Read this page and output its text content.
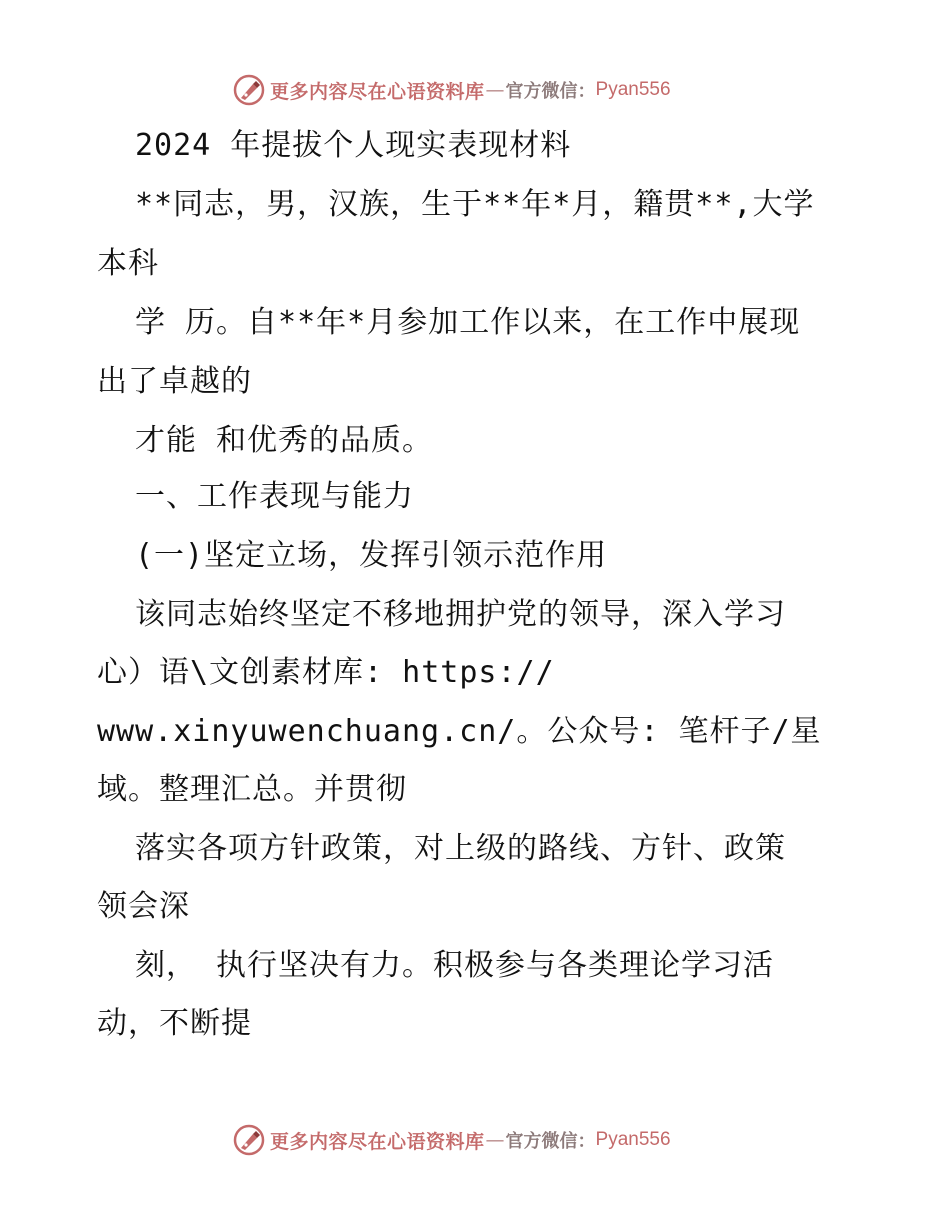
更多内容尽在心语资料库 — 官方微信： Pyan556
2024 年提拔个人现实表现材料
**同志，男，汉族，生于**年*月，籍贯**,大学
本科
学 历。自**年*月参加工作以来，在工作中展现
出了卓越的
才能 和优秀的品质。
一、工作表现与能力
(一)坚定立场，发挥引领示范作用
该同志始终坚定不移地拥护党的领导，深入学习
心）语\文创素材库: https://
www.xinyuwenchuang.cn/。公众号: 笔杆子/星
域。整理汇总。并贯彻
落实各项方针政策，对上级的路线、方针、政策
领会深
刻， 执行坚决有力。积极参与各类理论学习活
动，不断提
更多内容尽在心语资料库 — 官方微信： Pyan556
